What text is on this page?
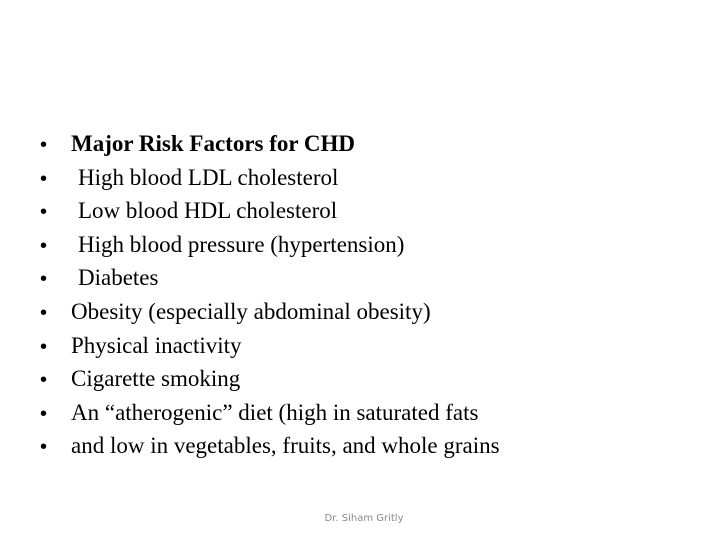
•	Major Risk Factors for CHD
•	High blood LDL cholesterol
•	Low blood HDL cholesterol
•	High blood pressure (hypertension)
•	Diabetes
•	Obesity (especially abdominal obesity)
•	Physical inactivity
•	Cigarette smoking
•	An “atherogenic” diet (high in saturated fats
•	and low in vegetables, fruits, and whole grains
Dr. Siham Gritly
